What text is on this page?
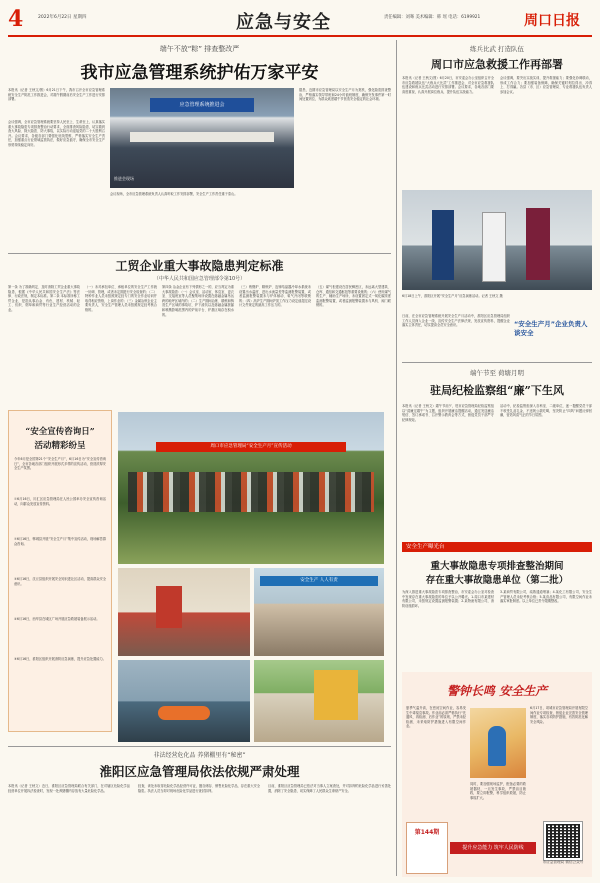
4	2022年6月22日 星期四	应急与安全	责任编辑：刘骞 美术编辑：韩 瑶 电话：6199921	周口日报
端午不放“粽” 排查整改严
我市应急管理系统护佑万家平安
本报讯（记者 王秋文/图）6月21日下午，我市召开全市应急管理系统安全生产防范工作推进会，对端午假期前后安全生产工作进行安排部署。
会议强调，全市应急管理系统要坚持人民至上、生命至上，认真落实重大事故隐患专项排查整治行动要求，全面排查风险隐患，切实做到查大风险、除大隐患、防大事故，以实际行动迎接党的二十大胜利召开。会议要求，各级各部门要强化底线思维，严格落实安全生产责任，加强重点行业领域监管执法，做好应急值守，确保全市安全生产形势持续稳定向好。
应急管理系统推进会
推进会现场
会议现场，全市应急管理系统负责人认真听取工作安排部署，安全生产工作责任重于泰山。
据悉，近期市应急管理局以安全生产月为契机，强化隐患排查整治，严格落实领导带班和24小时值班制度，确保突发事件第一时间处置到位，为群众欢度端午节营造安全稳定的社会环境。
工贸企业重大事故隐患判定标准
（中华人民共和国应急管理部令第10号）
第一条 为了准确判定、及时消除工贸企业重大事故隐患，根据《中华人民共和国安全生产法》等法律、行政法规，制定本标准。第二条 本标准所称工贸企业，是指从事冶金、有色、建材、机械、轻工、纺织、烟草和商贸等行业生产经营活动的企业。
（一）未对承包单位、承租单位的安全生产工作统一协调、管理，或者未定期进行安全检查的；（二）特种作业人员未按照规定经专门的安全作业培训并取得相应资格，上岗作业的；（三）金属冶炼企业主要负责人、安全生产管理人员未按照规定经考核合格的。
第四条 冶金企业有下列情形之一的，应当判定为重大事故隐患：（一）会议室、活动室、休息室、更衣室、交接班室等人员聚集场所设置在熔融金属吊运跨的地坪区域内的；（二）生产期间冶炼、精炼和铸造生产区域的事故坑、炉下渣坑以及熔融金属泄漏和喷溅影响范围内的炉前平台、炉基区域存在积水的。
（三）炼钢炉、精炼炉、连铸结晶器冷却水系统未设置出水温度、进出水流量差等监测报警装置，或者监测报警装置未与炉体倾动、氧气开闭等联锁的；（四）高炉生产期间炉顶工作压力设定值超过设计文件规定的最高工作压力的。
（五）煤气柜建设在居民稠密区，未远离大型建筑、仓库、通信和交通枢纽等重要设施的；（六）使用煤气的生产、辅助生产场所，未设置固定式一氧化碳浓度监测报警装置，或者监测报警装置未与风机、阀门联锁的。
“安全宣传咨询日”
活动精彩纷呈
今年6月是全国第21个“安全生产月”，6月16日为“安全宣传咨询日”，全市各地各部门组织开展形式多样的宣传活动，营造浓厚安全生产氛围。
①6月16日，川汇区应急管理局在人民公园举办安全宣传咨询活动，向群众发放宣传资料。
②6月16日，郸城县开展“安全生产月”集中宣传活动，现场解答群众咨询。
③6月16日，沈丘县组织开展安全知识进社区活动，提高群众安全意识。
④6月16日，西华县在城区广场开展应急救援装备展示活动。
⑤6月16日，淮阳区组织开展消防应急演练，提升应急处置能力。
周口市应急管理局“安全生产月”宣传活动
安全生产 人人有责
非法经营危化品 养猪棚里有“秘密”
淮阳区应急管理局依法依规严肃处理
本报讯（记者 王秋文）近日，淮阳区应急管理局联合有关部门，在对辖区危险化学品经营单位开展执法检查时，发现一处养猪棚内存放有大量危险化学品。
经查，该处未取得危险化学品经营许可证，擅自储存、销售危险化学品，存在重大安全隐患。执法人员当即对现场危险化学品进行查封扣押。
目前，淮阳区应急管理局已依法对当事人立案查处，并对扣押的危险化学品进行妥善处置，消除了安全隐患，切实保障了人民群众生命财产安全。
练兵比武 打造队伍
周口市应急救援工作再部署
本报讯（记者 王秋文/图）6月20日，市安委会办公室组织召开全市应急救援队伍“大练兵大比武”工作推进会，对全市应急救援队伍建设和练兵比武活动进行安排部署。会议要求，各地各部门要高度重视，认真开展岗位练兵，提升队伍实战能力。
会议强调，要突出实战实训，提升救援能力；要强化协调联动，形成工作合力；要加强装备保障，确保关键时刻拉得出、冲得上、打得赢。各县（市、区）应急管理局、专业救援队伍负责人参加会议。
6月18日上午，淮阳区开展“安全生产月”应急演练活动。记者 王秋文 摄
日前，在全市应急管理系统开展安全生产月活动中，淮阳区应急管理局组织工作人员深入企业一线，宣传安全生产法律法规，发放宣传资料，提醒企业落实主体责任，切实提高全员安全意识。	“安全生产月”企业负责人谈安全
端午节至 荷塘月明
驻局纪检监察组“廉”下生风
本报讯（记者 王秋文）端午节前夕，驻市应急管理局纪检监察组以“清廉过端午”为主题，组织开展廉洁提醒活动，通过发送廉洁短信、签订承诺书、召开警示教育会等方式，督促党员干部严守纪律规矩。
活动中，纪检监察组深入各科室、二级单位，逐一提醒党员干部不收受礼品礼金，不违规公款吃喝，坚决防止“四风”问题反弹回潮，营造风清气正的节日氛围。
安全生产曝光台
重大事故隐患专项排查整治期间
存在重大事故隐患单位（第二批）
为深入推进重大事故隐患专项排查整治，市安委会办公室对检查中发现存在重大事故隐患的单位予以公开曝光。1.周口市某建材有限公司，未按规定设置监测报警装置；2.某物流有限公司，消防设施损坏。
3.某商贸有限公司，疏散通道堵塞；4.某化工有限公司，安全生产管理人员未经考核合格；5.某食品有限公司，有限空间作业未落实审批制度。以上单位已责令限期整改。
警钟长鸣 安全生产
夏季气温升高，在密闭空间作业，容易发生中毒窒息事故。作业前必须严格执行“先通风、再检测、后作业”的原则，严禁未经检测、未采取防护措施进入有限空间作业。
同时，要加强现场监护，配备必要的救援器材，一旦发生事故，严禁盲目施救，要立即报警，科学组织救援，防止事故扩大。
6月17日，项城市应急管理局开展有限空间作业专项检查，督促企业完善安全管理制度，落实各项防护措施，有效防范化解安全风险。
第144期
提升应急能力 筑牢人民防线
市应急管理局 微信公众号
